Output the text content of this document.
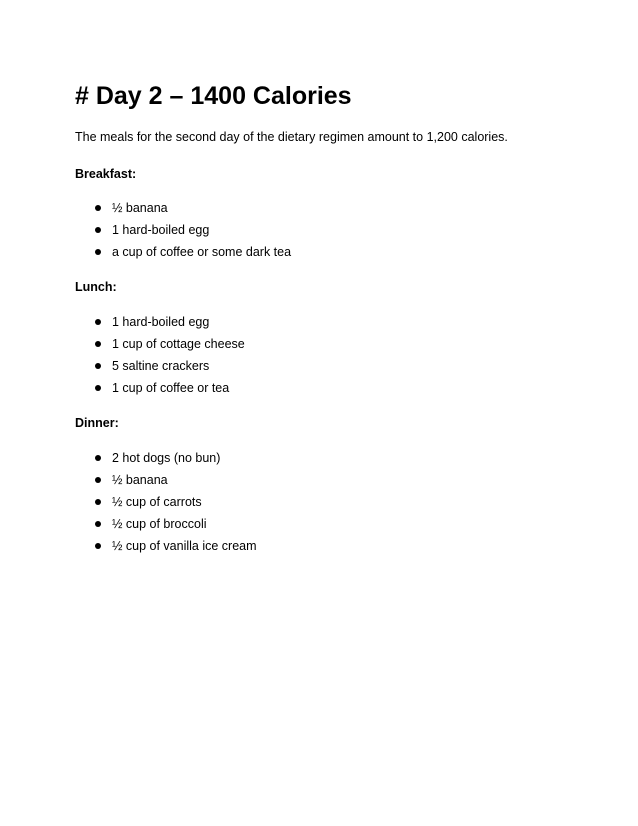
# Day 2 – 1400 Calories

The meals for the second day of the dietary regimen amount to 1,200 calories.

Breakfast:

½ banana
1 hard-boiled egg
a cup of coffee or some dark tea

Lunch:

1 hard-boiled egg
1 cup of cottage cheese
5 saltine crackers
1 cup of coffee or tea

Dinner:

2 hot dogs (no bun)
½ banana
½ cup of carrots
½ cup of broccoli
½ cup of vanilla ice cream
